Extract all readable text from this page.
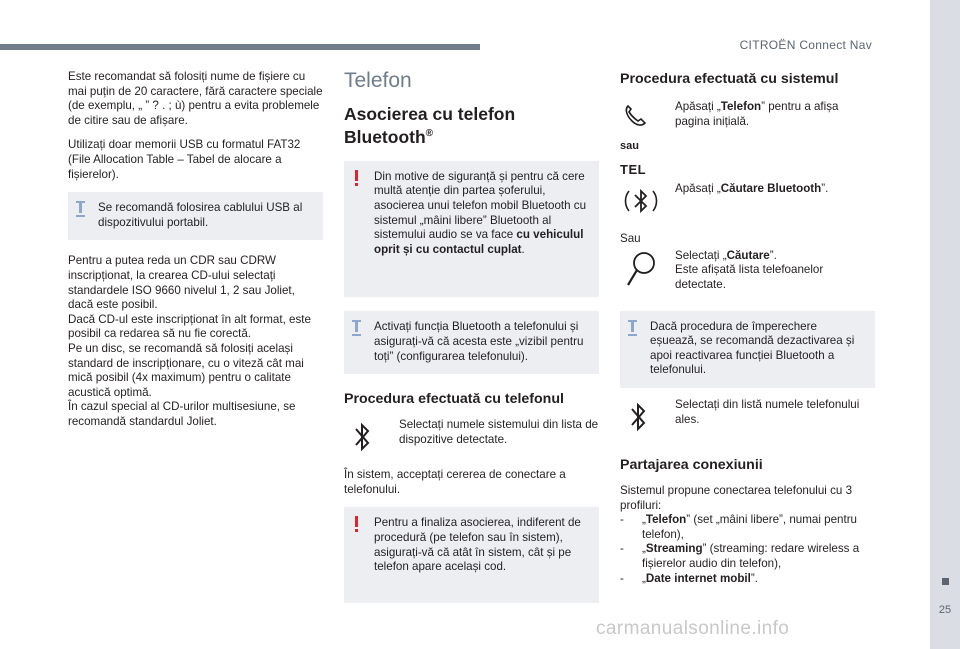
CITROËN Connect Nav
25
carmanualsonline.info

Este recomandat să folosiți nume de fișiere cu mai puțin de 20 caractere, fără caractere speciale (de exemplu, „ ” ? . ; ù) pentru a evita problemele de citire sau de afișare.

Utilizați doar memorii USB cu formatul FAT32 (File Allocation Table – Tabel de alocare a fișierelor).

Se recomandă folosirea cablului USB al dispozitivului portabil.

Pentru a putea reda un CDR sau CDRW inscripționat, la crearea CD-ului selectați standardele ISO 9660 nivelul 1, 2 sau Joliet, dacă este posibil.
Dacă CD-ul este inscripționat în alt format, este posibil ca redarea să nu fie corectă.
Pe un disc, se recomandă să folosiți același standard de inscripționare, cu o viteză cât mai mică posibil (4x maximum) pentru o calitate acustică optimă.
În cazul special al CD-urilor multisesiune, se recomandă standardul Joliet.

Telefon
Asocierea cu telefon Bluetooth®
Din motive de siguranță și pentru că cere multă atenție din partea șoferului, asocierea unui telefon mobil Bluetooth cu sistemul „mâini libere” Bluetooth al sistemului audio se va face cu vehiculul oprit și cu contactul cuplat.
Activați funcția Bluetooth a telefonului și asigurați-vă că acesta este „vizibil pentru toți” (configurarea telefonului).
Procedura efectuată cu telefonul
Selectați numele sistemului din lista de dispozitive detectate.

În sistem, acceptați cererea de conectare a telefonului.

Pentru a finaliza asocierea, indiferent de procedură (pe telefon sau în sistem), asigurați-vă că atât în sistem, cât și pe telefon apare același cod.
Procedura efectuată cu sistemul
sau
TEL
Apăsați „Telefon” pentru a afișa pagina inițială.
Apăsați „Căutare Bluetooth”.
Sau
Selectați „Căutare”.
Este afișată lista telefoanelor detectate.
Dacă procedura de împerechere eșuează, se recomandă dezactivarea și apoi reactivarea funcției Bluetooth a telefonului.
Selectați din listă numele telefonului ales.
Partajarea conexiunii

Sistemul propune conectarea telefonului cu 3 profiluri:

- „Telefon” (set „mâini libere”, numai pentru telefon),
- „Streaming” (streaming: redare wireless a fișierelor audio din telefon),
- „Date internet mobil”.
